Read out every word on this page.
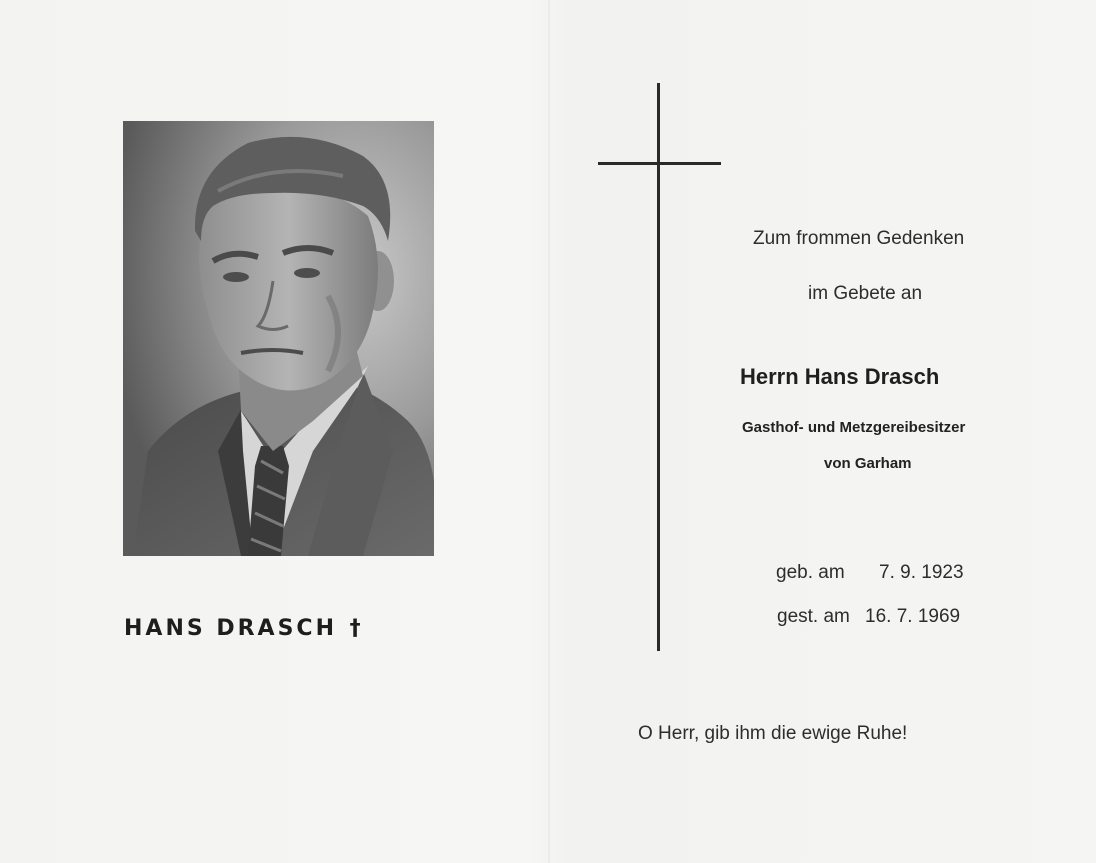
HANS DRASCH †
Zum frommen Gedenken
im Gebete an
Herrn Hans Drasch
Gasthof- und Metzgereibesitzer
von Garham
geb. am 7. 9. 1923
gest. am 16. 7. 1969
O Herr, gib ihm die ewige Ruhe!
